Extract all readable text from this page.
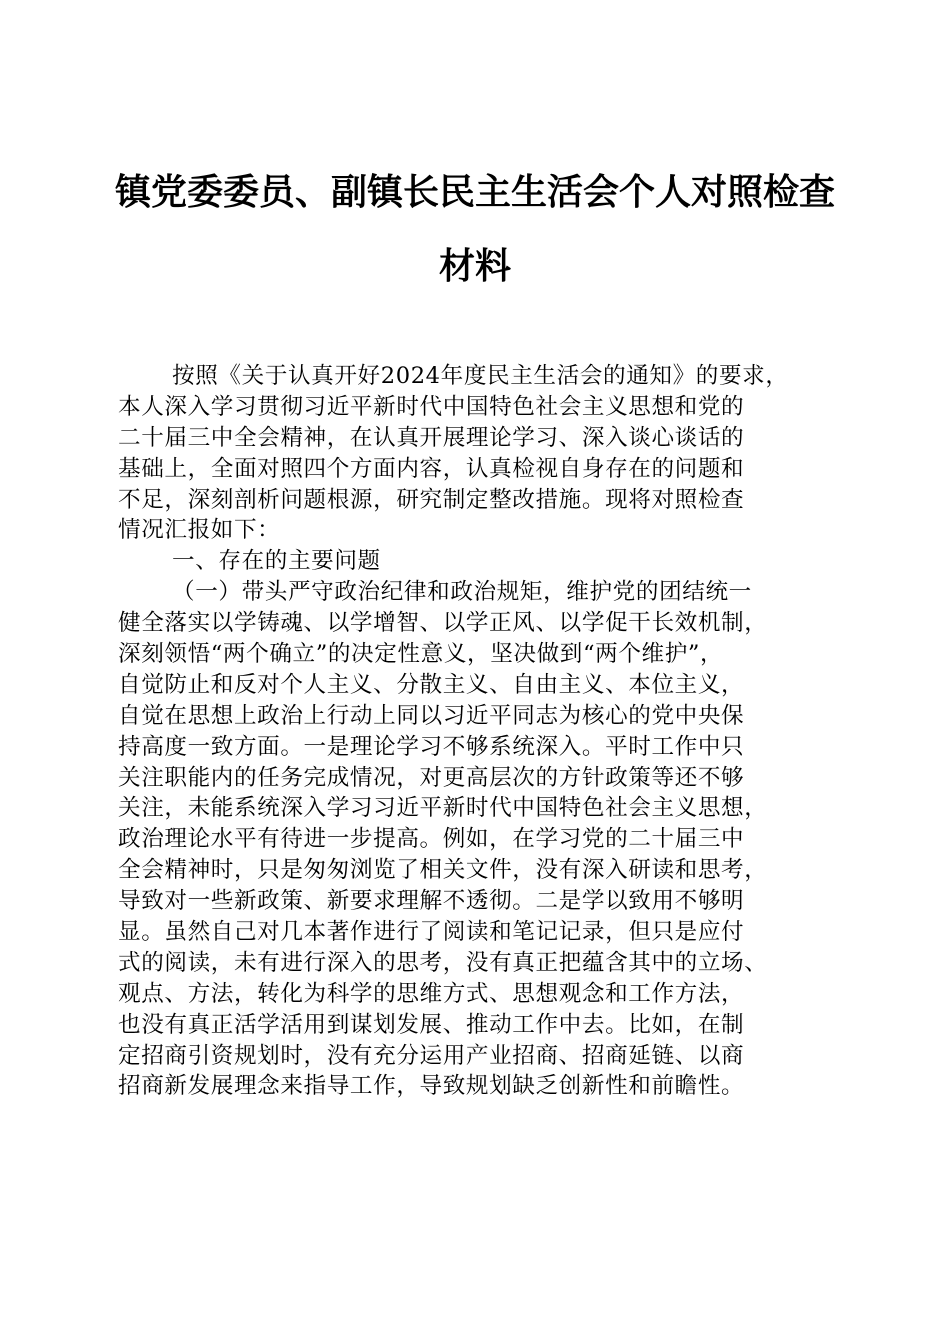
镇党委委员、副镇长民主生活会个人对照检查
材料
按照《关于认真开好2024年度民主生活会的通知》的要求，
本人深入学习贯彻习近平新时代中国特色社会主义思想和党的
二十届三中全会精神，在认真开展理论学习、深入谈心谈话的
基础上，全面对照四个方面内容，认真检视自身存在的问题和
不足，深刻剖析问题根源，研究制定整改措施。现将对照检查
情况汇报如下：
一、存在的主要问题
（一）带头严守政治纪律和政治规矩，维护党的团结统一
健全落实以学铸魂、以学增智、以学正风、以学促干长效机制，
深刻领悟“两个确立”的决定性意义，坚决做到“两个维护”，
自觉防止和反对个人主义、分散主义、自由主义、本位主义，
自觉在思想上政治上行动上同以习近平同志为核心的党中央保
持高度一致方面。一是理论学习不够系统深入。平时工作中只
关注职能内的任务完成情况，对更高层次的方针政策等还不够
关注，未能系统深入学习习近平新时代中国特色社会主义思想，
政治理论水平有待进一步提高。例如，在学习党的二十届三中
全会精神时，只是匆匆浏览了相关文件，没有深入研读和思考，
导致对一些新政策、新要求理解不透彻。二是学以致用不够明
显。虽然自己对几本著作进行了阅读和笔记记录，但只是应付
式的阅读，未有进行深入的思考，没有真正把蕴含其中的立场、
观点、方法，转化为科学的思维方式、思想观念和工作方法，
也没有真正活学活用到谋划发展、推动工作中去。比如，在制
定招商引资规划时，没有充分运用产业招商、招商延链、以商
招商新发展理念来指导工作，导致规划缺乏创新性和前瞻性。
